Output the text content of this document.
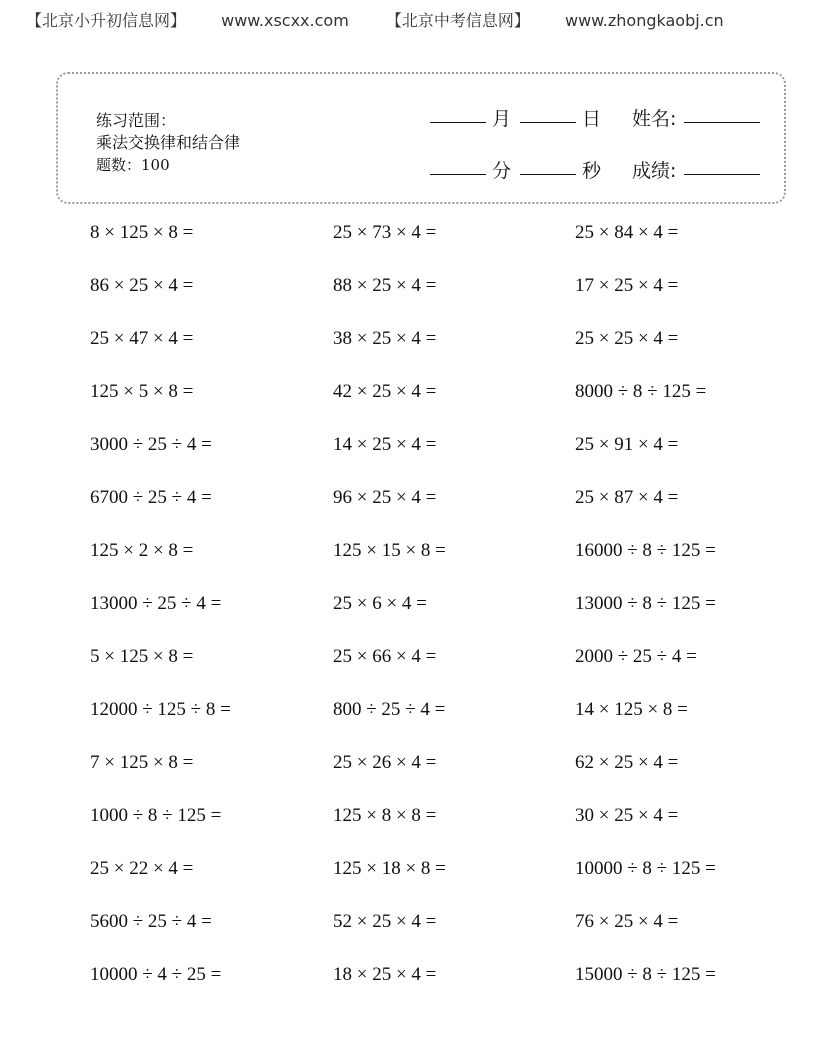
【北京小升初信息网】 www.xscxx.com 【北京中考信息网】 www.zhongkaobj.cn
练习范围：
乘法交换律和结合律
题数：100
月	日 姓名:
分	秒 成绩:
8 × 125 × 8 =	25 × 73 × 4 =	25 × 84 × 4 =
86 × 25 × 4 =	88 × 25 × 4 =	17 × 25 × 4 =
25 × 47 × 4 =	38 × 25 × 4 =	25 × 25 × 4 =
125 × 5 × 8 =	42 × 25 × 4 =	8000 ÷ 8 ÷ 125 =
3000 ÷ 25 ÷ 4 =	14 × 25 × 4 =	25 × 91 × 4 =
6700 ÷ 25 ÷ 4 =	96 × 25 × 4 =	25 × 87 × 4 =
125 × 2 × 8 =	125 × 15 × 8 =	16000 ÷ 8 ÷ 125 =
13000 ÷ 25 ÷ 4 =	25 × 6 × 4 =	13000 ÷ 8 ÷ 125 =
5 × 125 × 8 =	25 × 66 × 4 =	2000 ÷ 25 ÷ 4 =
12000 ÷ 125 ÷ 8 =	800 ÷ 25 ÷ 4 =	14 × 125 × 8 =
7 × 125 × 8 =	25 × 26 × 4 =	62 × 25 × 4 =
1000 ÷ 8 ÷ 125 =	125 × 8 × 8 =	30 × 25 × 4 =
25 × 22 × 4 =	125 × 18 × 8 =	10000 ÷ 8 ÷ 125 =
5600 ÷ 25 ÷ 4 =	52 × 25 × 4 =	76 × 25 × 4 =
10000 ÷ 4 ÷ 25 =	18 × 25 × 4 =	15000 ÷ 8 ÷ 125 =
